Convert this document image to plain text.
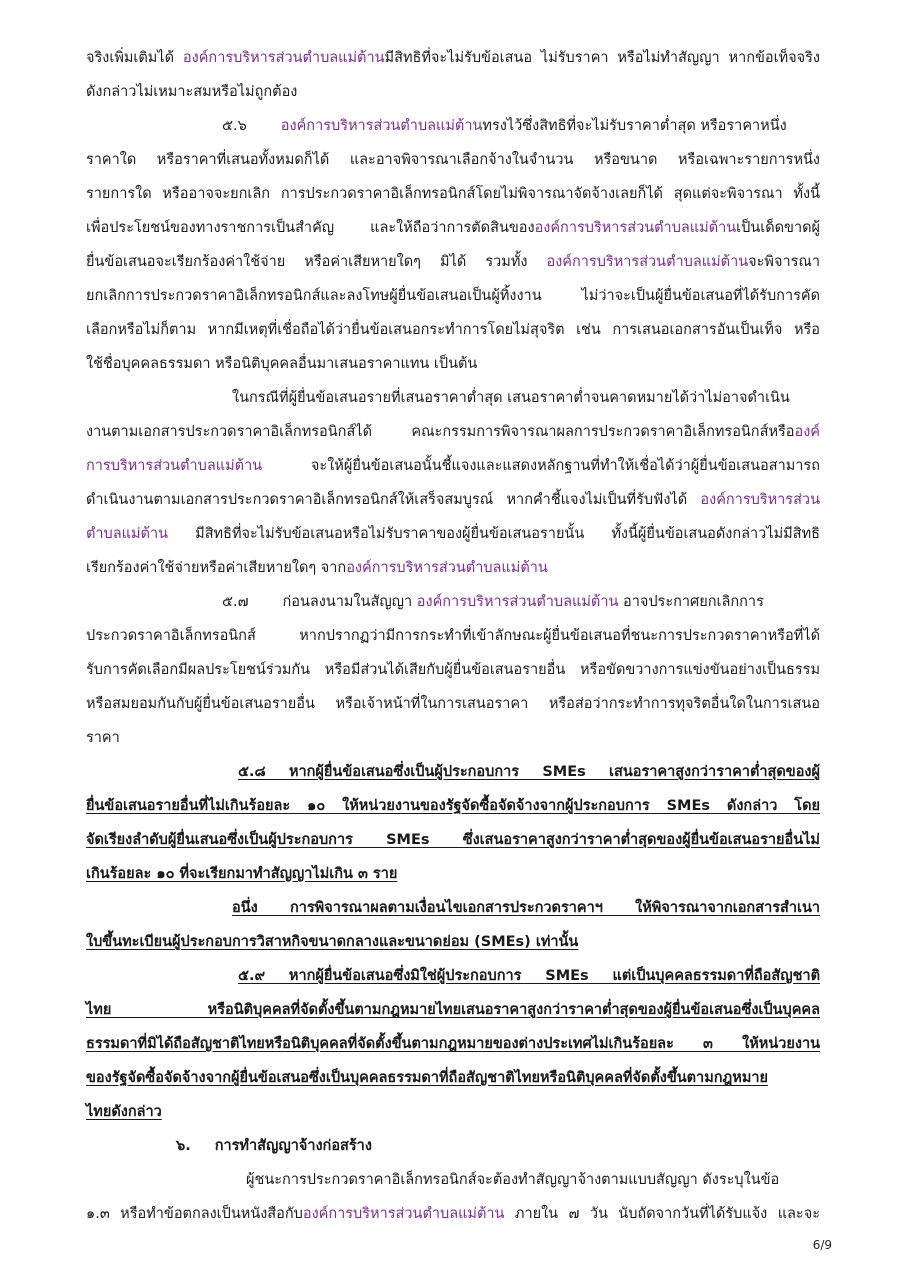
จริงเพิ่มเติมได้ องค์การบริหารส่วนตำบลแม่ต้านมีสิทธิที่จะไม่รับข้อเสนอ ไม่รับราคา หรือไม่ทำสัญญา หากข้อเท็จจริง
ดังกล่าวไม่เหมาะสมหรือไม่ถูกต้อง
๕.๖ องค์การบริหารส่วนตำบลแม่ต้านทรงไว้ซึ่งสิทธิที่จะไม่รับราคาต่ำสุด หรือราคาหนึ่ง
ราคาใด หรือราคาที่เสนอทั้งหมดก็ได้ และอาจพิจารณาเลือกจ้างในจำนวน หรือขนาด หรือเฉพาะรายการหนึ่ง
รายการใด หรืออาจจะยกเลิก การประกวดราคาอิเล็กทรอนิกส์โดยไม่พิจารณาจัดจ้างเลยก็ได้ สุดแต่จะพิจารณา ทั้งนี้
เพื่อประโยชน์ของทางราชการเป็นสำคัญ และให้ถือว่าการตัดสินขององค์การบริหารส่วนตำบลแม่ต้านเป็นเด็ดขาดผู้
ยื่นข้อเสนอจะเรียกร้องค่าใช้จ่าย หรือค่าเสียหายใดๆ มิได้ รวมทั้ง องค์การบริหารส่วนตำบลแม่ต้านจะพิจารณา
ยกเลิกการประกวดราคาอิเล็กทรอนิกส์และลงโทษผู้ยื่นข้อเสนอเป็นผู้ทิ้งงาน ไม่ว่าจะเป็นผู้ยื่นข้อเสนอที่ได้รับการคัด
เลือกหรือไม่ก็ตาม หากมีเหตุที่เชื่อถือได้ว่ายื่นข้อเสนอกระทำการโดยไม่สุจริต เช่น การเสนอเอกสารอันเป็นเท็จ หรือ
ใช้ชื่อบุคคลธรรมดา หรือนิติบุคคลอื่นมาเสนอราคาแทน เป็นต้น
ในกรณีที่ผู้ยื่นข้อเสนอรายที่เสนอราคาต่ำสุด เสนอราคาต่ำจนคาดหมายได้ว่าไม่อาจดำเนิน
งานตามเอกสารประกวดราคาอิเล็กทรอนิกส์ได้ คณะกรรมการพิจารณาผลการประกวดราคาอิเล็กทรอนิกส์หรือองค์
การบริหารส่วนตำบลแม่ต้าน จะให้ผู้ยื่นข้อเสนอนั้นชี้แจงและแสดงหลักฐานที่ทำให้เชื่อได้ว่าผู้ยื่นข้อเสนอสามารถ
ดำเนินงานตามเอกสารประกวดราคาอิเล็กทรอนิกส์ให้เสร็จสมบูรณ์ หากคำชี้แจงไม่เป็นที่รับฟังได้ องค์การบริหารส่วน
ตำบลแม่ต้าน มีสิทธิที่จะไม่รับข้อเสนอหรือไม่รับราคาของผู้ยื่นข้อเสนอรายนั้น ทั้งนี้ผู้ยื่นข้อเสนอดังกล่าวไม่มีสิทธิ
เรียกร้องค่าใช้จ่ายหรือค่าเสียหายใดๆ จากองค์การบริหารส่วนตำบลแม่ต้าน
๕.๗ ก่อนลงนามในสัญญา องค์การบริหารส่วนตำบลแม่ต้าน อาจประกาศยกเลิกการ
ประกวดราคาอิเล็กทรอนิกส์ หากปรากฏว่ามีการกระทำที่เข้าลักษณะผู้ยื่นข้อเสนอที่ชนะการประกวดราคาหรือที่ได้
รับการคัดเลือกมีผลประโยชน์ร่วมกัน หรือมีส่วนได้เสียกับผู้ยื่นข้อเสนอรายอื่น หรือขัดขวางการแข่งขันอย่างเป็นธรรม
หรือสมยอมกันกับผู้ยื่นข้อเสนอรายอื่น หรือเจ้าหน้าที่ในการเสนอราคา หรือส่อว่ากระทำการทุจริตอื่นใดในการเสนอ
ราคา
๕.๘ หากผู้ยื่นข้อเสนอซึ่งเป็นผู้ประกอบการ SMEs เสนอราคาสูงกว่าราคาต่ำสุดของผู้
ยื่นข้อเสนอรายอื่นที่ไม่เกินร้อยละ ๑๐ ให้หน่วยงานของรัฐจัดซื้อจัดจ้างจากผู้ประกอบการ SMEs ดังกล่าว โดย
จัดเรียงลำดับผู้ยื่นเสนอซึ่งเป็นผู้ประกอบการ SMEs ซึ่งเสนอราคาสูงกว่าราคาต่ำสุดของผู้ยื่นข้อเสนอรายอื่นไม่
เกินร้อยละ ๑๐ ที่จะเรียกมาทำสัญญาไม่เกิน ๓ ราย
อนึ่ง การพิจารณาผลตามเงื่อนไขเอกสารประกวดราคาฯ ให้พิจารณาจากเอกสารสำเนา
ใบขึ้นทะเบียนผู้ประกอบการวิสาหกิจขนาดกลางและขนาดย่อม (SMEs) เท่านั้น
๕.๙ หากผู้ยื่นข้อเสนอซึ่งมิใช่ผู้ประกอบการ SMEs แต่เป็นบุคคลธรรมดาที่ถือสัญชาติ
ไทย หรือนิติบุคคลที่จัดตั้งขึ้นตามกฎหมายไทยเสนอราคาสูงกว่าราคาต่ำสุดของผู้ยื่นข้อเสนอซึ่งเป็นบุคคล
ธรรมดาที่มิได้ถือสัญชาติไทยหรือนิติบุคคลที่จัดตั้งขึ้นตามกฎหมายของต่างประเทศไม่เกินร้อยละ ๓ ให้หน่วยงาน
ของรัฐจัดซื้อจัดจ้างจากผู้ยื่นข้อเสนอซึ่งเป็นบุคคลธรรมดาที่ถือสัญชาติไทยหรือนิติบุคคลที่จัดตั้งขึ้นตามกฎหมาย
ไทยดังกล่าว
๖. การทำสัญญาจ้างก่อสร้าง
ผู้ชนะการประกวดราคาอิเล็กทรอนิกส์จะต้องทำสัญญาจ้างตามแบบสัญญา ดังระบุในข้อ
๑.๓ หรือทำข้อตกลงเป็นหนังสือกับองค์การบริหารส่วนตำบลแม่ต้าน ภายใน ๗ วัน นับถัดจากวันที่ได้รับแจ้ง และจะ
6/9
